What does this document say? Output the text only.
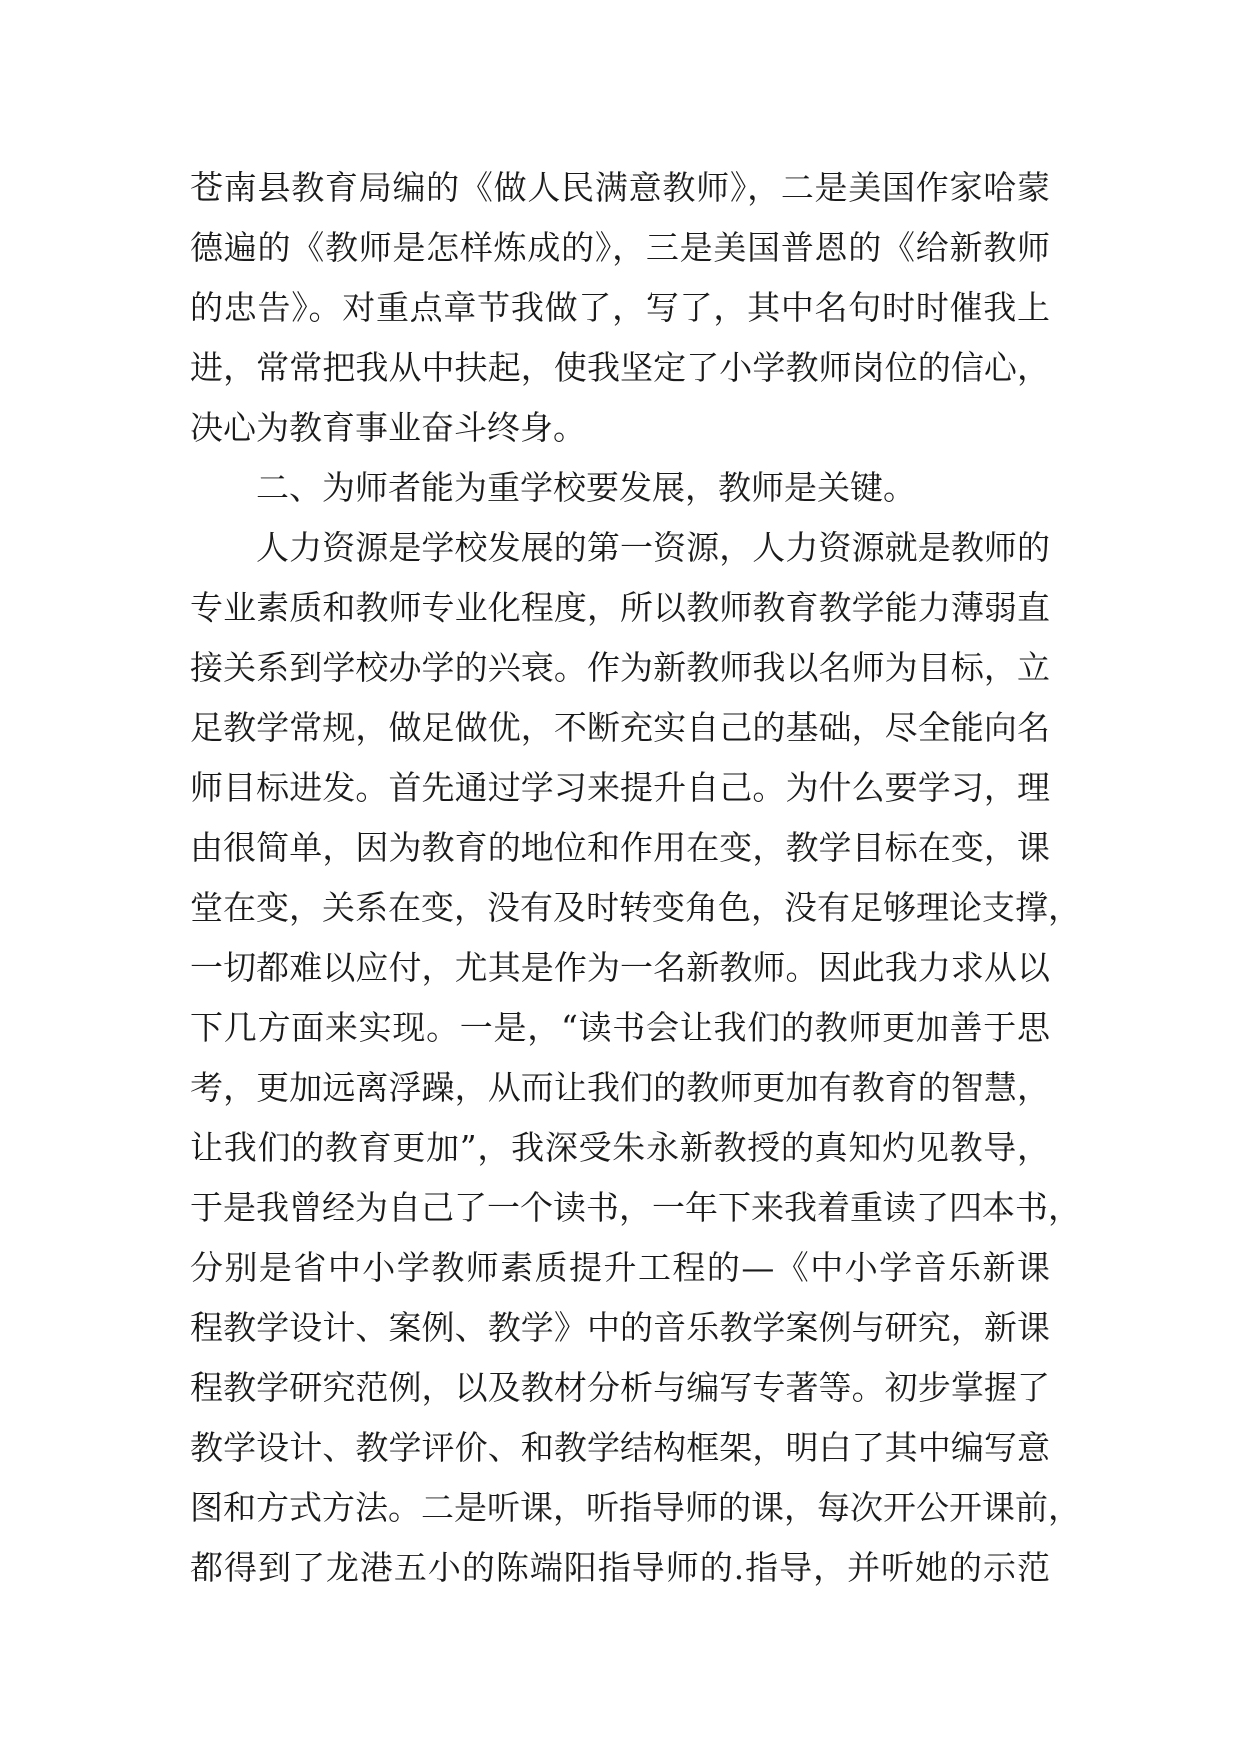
苍南县教育局编的《做人民满意教师》，二是美国作家哈蒙
德遍的《教师是怎样炼成的》，三是美国普恩的《给新教师
的忠告》。对重点章节我做了，写了，其中名句时时催我上
进，常常把我从中扶起，使我坚定了小学教师岗位的信心，
决心为教育事业奋斗终身。
二、为师者能为重学校要发展，教师是关键。
人力资源是学校发展的第一资源，人力资源就是教师的
专业素质和教师专业化程度，所以教师教育教学能力薄弱直
接关系到学校办学的兴衰。作为新教师我以名师为目标，立
足教学常规，做足做优，不断充实自己的基础，尽全能向名
师目标进发。首先通过学习来提升自己。为什么要学习，理
由很简单，因为教育的地位和作用在变，教学目标在变，课
堂在变，关系在变，没有及时转变角色，没有足够理论支撑，
一切都难以应付，尤其是作为一名新教师。因此我力求从以
下几方面来实现。一是，“读书会让我们的教师更加善于思
考，更加远离浮躁，从而让我们的教师更加有教育的智慧，
让我们的教育更加”，我深受朱永新教授的真知灼见教导，
于是我曾经为自己了一个读书，一年下来我着重读了四本书，
分别是省中小学教师素质提升工程的—《中小学音乐新课
程教学设计、案例、教学》中的音乐教学案例与研究，新课
程教学研究范例，以及教材分析与编写专著等。初步掌握了
教学设计、教学评价、和教学结构框架，明白了其中编写意
图和方式方法。二是听课，听指导师的课，每次开公开课前，
都得到了龙港五小的陈端阳指导师的.指导，并听她的示范
